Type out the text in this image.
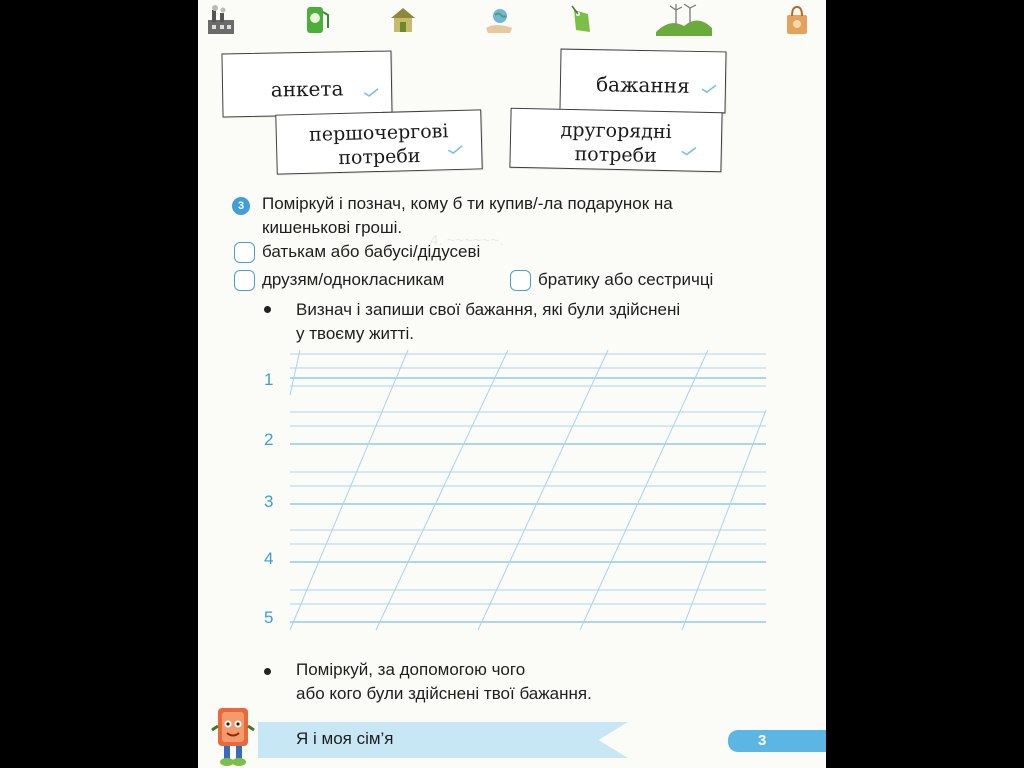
4. ~~~~~~.
анкета	бажання
першочергові
потреби
другорядні
потреби
3	Поміркуй і познач, кому б ти купив/-ла подарунок на
кишенькові гроші.
батькам або бабусі/дідусеві
друзям/однокласникам	братику або сестричці
Визнач і запиши свої бажання, які були здійснені
у твоєму житті.
1
2
3
4
5
Поміркуй, за допомогою чого
або кого були здійснені твої бажання.
Я і моя сім’я	3
